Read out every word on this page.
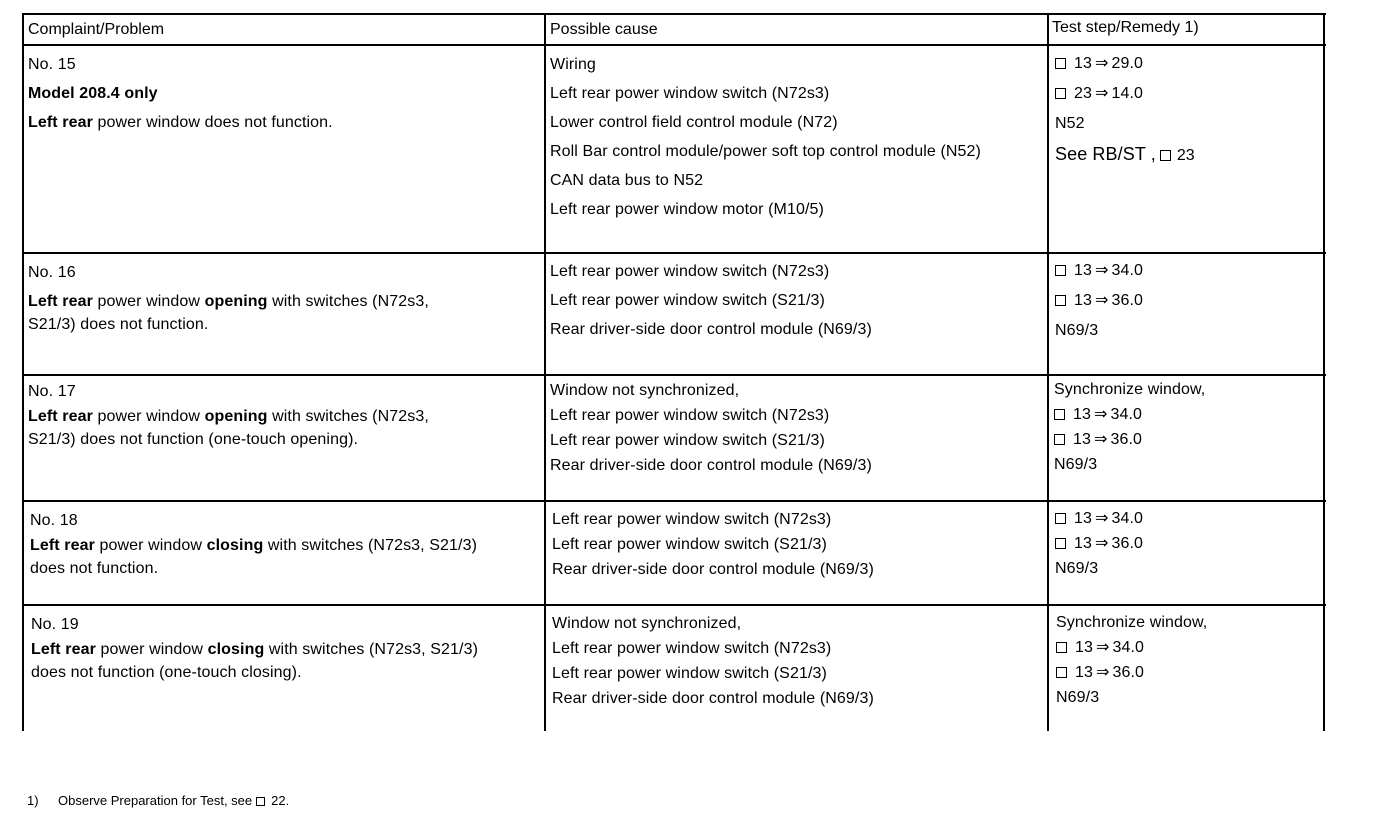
Complaint/Problem	Possible cause	Test step/Remedy 1)
No. 15
Model 208.4 only
Left rear power window does not function.
Wiring
Left rear power window switch (N72s3)
Lower control field control module (N72)
Roll Bar control module/power soft top control module (N52)
CAN data bus to N52
Left rear power window motor (M10/5)
13 ⇒ 29.0
23 ⇒ 14.0
N52
See RB/ST , 23
No. 16
Left rear power window opening with switches (N72s3,
S21/3) does not function.
Left rear power window switch (N72s3)
Left rear power window switch (S21/3)
Rear driver-side door control module (N69/3)
13 ⇒ 34.0
13 ⇒ 36.0
N69/3
No. 17
Left rear power window opening with switches (N72s3,
S21/3) does not function (one-touch opening).
Window not synchronized,
Left rear power window switch (N72s3)
Left rear power window switch (S21/3)
Rear driver-side door control module (N69/3)
Synchronize window,
13 ⇒ 34.0
13 ⇒ 36.0
N69/3
No. 18
Left rear power window closing with switches (N72s3, S21/3)
does not function.
Left rear power window switch (N72s3)
Left rear power window switch (S21/3)
Rear driver-side door control module (N69/3)
13 ⇒ 34.0
13 ⇒ 36.0
N69/3
No. 19
Left rear power window closing with switches (N72s3, S21/3)
does not function (one-touch closing).
Window not synchronized,
Left rear power window switch (N72s3)
Left rear power window switch (S21/3)
Rear driver-side door control module (N69/3)
Synchronize window,
13 ⇒ 34.0
13 ⇒ 36.0
N69/3
1) Observe Preparation for Test, see 22.
